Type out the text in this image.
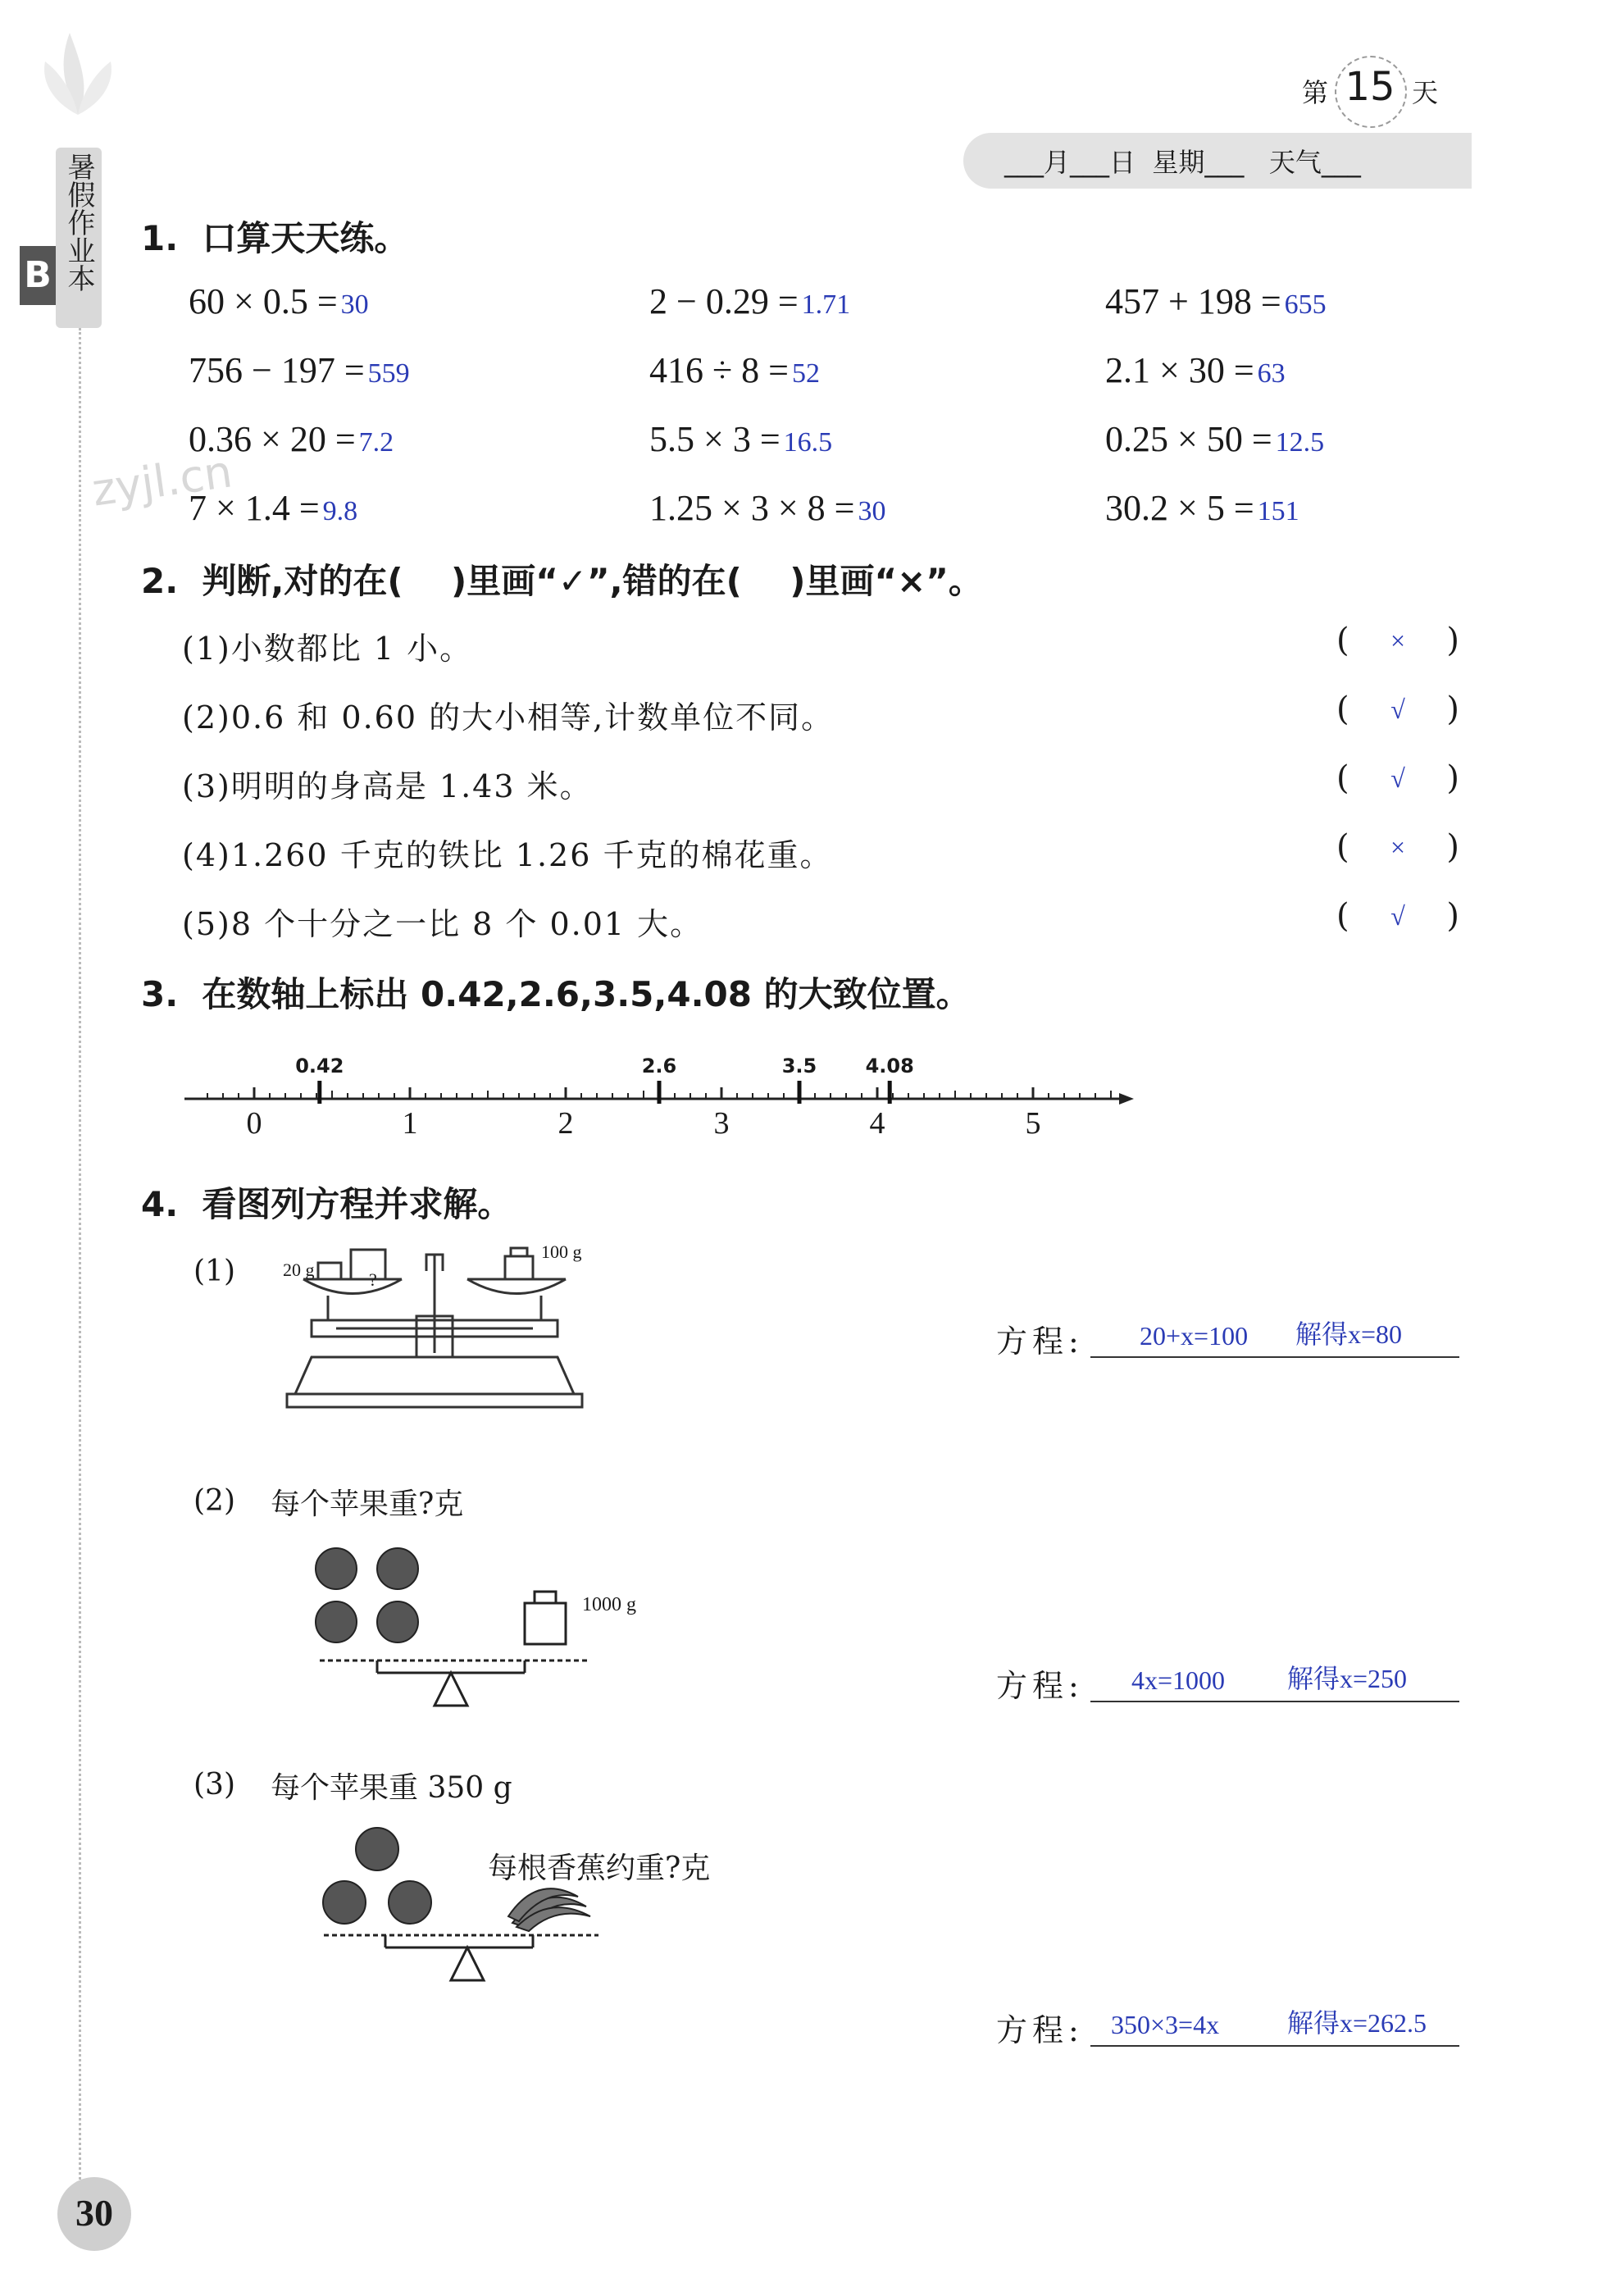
暑假作业本
B
zyjl.cn
30
第 15 天
___月___日  星期___   天气___
1.  口算天天练。
60 × 0.5 = 30	2 − 0.29 = 1.71	457 + 198 = 655
756 − 197 = 559	416 ÷ 8 = 52	2.1 × 30 = 63
0.36 × 20 = 7.2	5.5 × 3 = 16.5	0.25 × 50 = 12.5
7 × 1.4 = 9.8	1.25 × 3 × 8 = 30	30.2 × 5 = 151
2.  判断,对的在(    )里画“✓”,错的在(    )里画“×”。
(1)小数都比 1 小。	( × )
(2)0.6 和 0.60 的大小相等,计数单位不同。	( √ )
(3)明明的身高是 1.43 米。	( √ )
(4)1.260 千克的铁比 1.26 千克的棉花重。	( × )
(5)8 个十分之一比 8 个 0.01 大。	( √ )
3.  在数轴上标出 0.42,2.6,3.5,4.08 的大致位置。
0	1	2	3	4	5
0.42	2.6	3.5 4.08
4.  看图列方程并求解。
(1)	20 g	?
100 g
方程: 20+x=100 解得x=80
(2) 每个苹果重?克
1000 g
方程: 4x=1000 解得x=250
(3) 每个苹果重 350 g
每根香蕉约重?克
方程: 350×3=4x	解得x=262.5
